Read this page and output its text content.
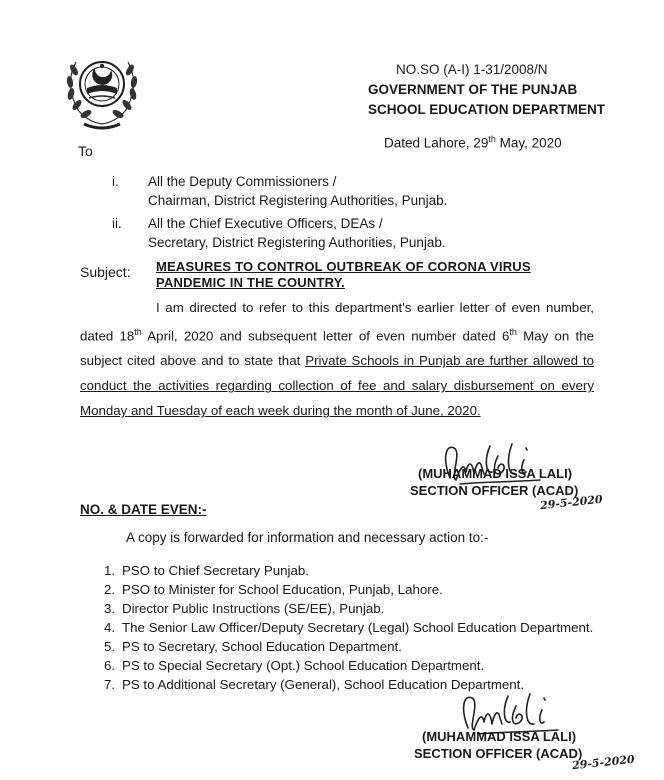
NO.SO (A-I) 1-31/2008/N
GOVERNMENT OF THE PUNJAB
SCHOOL EDUCATION DEPARTMENT
Dated Lahore, 29th May, 2020
To
i.	All the Deputy Commissioners /
Chairman, District Registering Authorities, Punjab.
ii.	All the Chief Executive Officers, DEAs /
Secretary, District Registering Authorities, Punjab.
Subject: MEASURES TO CONTROL OUTBREAK OF CORONA VIRUS PANDEMIC IN THE COUNTRY.
I am directed to refer to this department's earlier letter of even number, dated 18th April, 2020 and subsequent letter of even number dated 6th May on the subject cited above and to state that Private Schools in Punjab are further allowed to conduct the activities regarding collection of fee and salary disbursement on every Monday and Tuesday of each week during the month of June, 2020.
(MUHAMMAD ISSA LALI)
SECTION OFFICER (ACAD)
29-5-2020
NO. & DATE EVEN:-
A copy is forwarded for information and necessary action to:-
1. PSO to Chief Secretary Punjab.
2. PSO to Minister for School Education, Punjab, Lahore.
3. Director Public Instructions (SE/EE), Punjab.
4. The Senior Law Officer/Deputy Secretary (Legal) School Education Department.
5. PS to Secretary, School Education Department.
6. PS to Special Secretary (Opt.) School Education Department.
7. PS to Additional Secretary (General), School Education Department.
(MUHAMMAD ISSA LALI)
SECTION OFFICER (ACAD)
29-5-2020
